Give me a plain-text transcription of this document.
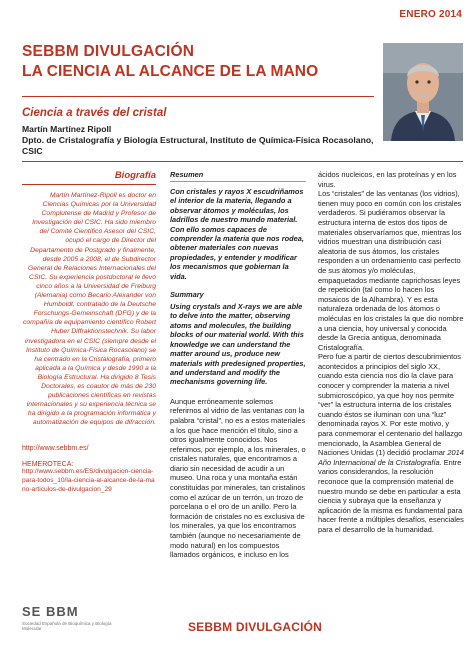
ENERO 2014
SEBBM DIVULGACIÓN
LA CIENCIA AL ALCANCE DE LA MANO
Ciencia a través del cristal
Martín Martínez Ripoll
Dpto. de Cristalografía y Biología Estructural, Instituto de Química-Física Rocasolano, CSIC
Biografía
Martín Martínez-Ripoll es doctor en Ciencias Químicas por la Universidad Complutense de Madrid y Profesor de Investigación del CSIC. Ha sido miembro del Comité Científico Asesor del CSIC, ocupó el cargo de Director del Departamento de Postgrado y finalmente, desde 2005 a 2008, el de Subdirector General de Relaciones Internacionales del CSIC. Su experiencia postdoctoral le llevó cinco años a la Universidad de Freiburg (Alemania) como Becario Alexander von Humboldt, contratado de la Deutsche Forschungs-Gemeinschaft (DFG) y de la compañía de equipamiento científico Robert Huber Diffraktionstechnik. Su labor investigadora en el CSIC (siempre desde el Instituto de Química-Física Rocasolano) se ha centrado en la Cristalografía, primero aplicada a la Química y desde 1990 a la Biología Estructural. Ha dirigido 8 Tesis Doctorales, es coautor de más de 230 publicaciones científicas en revistas internacionales y su experiencia técnica se ha dirigido a la programación informática y automatización de equipos de difracción.
http://www.sebbm.es/
HEMEROTECA:
http://www.sebbm.es/ES/divulgacion-ciencia-para-todos_10/la-ciencia-al-alcance-de-la-mano-articulos-de-divulgacion_29
Resumen
Con cristales y rayos X escudriñamos el interior de la materia, llegando a observar átomos y moléculas, los ladrillos de nuestro mundo material. Con ello somos capaces de comprender la materia que nos rodea, obtener materiales con nuevas propiedades, y entender y modificar los mecanismos que gobiernan la vida.
Summary
Using crystals and X-rays we are able to delve into the matter, observing atoms and molecules, the building blocks of our material world. With this knowledge we can understand the matter around us, produce new materials with predesigned properties, and understand and modify the mechanisms governing life.
Aunque erróneamente solemos referirnos al vidrio de las ventanas con la palabra “cristal”, no es a estos materiales a los que hace mención el título, sino a otros igualmente conocidos. Nos referimos, por ejemplo, a los minerales, o cristales naturales, que encontramos a diario sin necesidad de acudir a un museo. Una roca y una montaña están constituidas por minerales, tan cristalinos como el azúcar de un terrón, un trozo de porcelana o el oro de un anillo. Pero la formación de cristales no es exclusiva de los minerales, ya que los encontramos también (aunque no necesariamente de modo natural) en los compuestos llamados orgánicos, e incluso en los

ácidos nucleicos, en las proteínas y en los virus.

Los “cristales” de las ventanas (los vidrios), tienen muy poco en común con los cristales verdaderos. Si pudiéramos observar la estructura interna de estos dos tipos de materiales observaríamos que, mientras los vidrios muestran una distribución casi aleatoria de sus átomos, los cristales responden a un ordenamiento casi perfecto de sus átomos y/o moléculas, empaquetados mediante caprichosas leyes de repetición (tal como lo hacen los mosaicos de la Alhambra). Y es esta naturaleza ordenada de los átomos o moléculas en los cristales la que dio nombre a una ciencia, hoy universal y conocida desde la Grecia antigua, denominada Cristalografía.

Pero fue a partir de ciertos descubrimientos acontecidos a principios del siglo XX, cuando esta ciencia nos dio la clave para conocer y comprender la materia a nivel submicroscópico, ya que hoy nos permite “ver” la estructura interna de los cristales cuando éstos se iluminan con una “luz” denominada rayos X. Por este motivo, y para conmemorar el centenario del hallazgo mencionado, la Asamblea General de Naciones Unidas (1) decidió proclamar 2014 Año Internacional de la Cristalografía. Entre varios considerandos, la resolución reconoce que la comprensión material de nuestro mundo se debe en particular a esta ciencia y subraya que la enseñanza y aplicación de la misma es fundamental para hacer frente a múltiples desafíos, esenciales para el desarrollo de la humanidad.

SE BBM
Sociedad Española de Bioquímica y Biología Molecular	SEBBM DIVULGACIÓN
